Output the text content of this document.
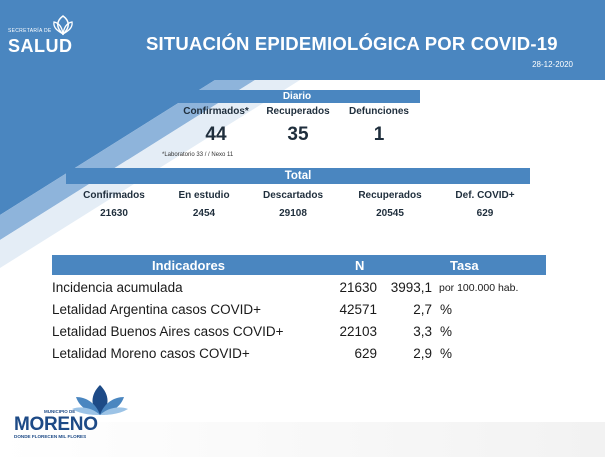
SECRETARÍA DE
SALUD	SITUACIÓN EPIDEMIOLÓGICA POR COVID-19
28-12-2020
Diario
Confirmados*	Recuperados	Defunciones
44	35	1
*Laboratorio 33 / / Nexo 11
Total
Confirmados	En estudio	Descartados	Recuperados	Def. COVID+
21630	2454	29108	20545	629
Indicadores	N	Tasa
Incidencia acumulada	21630	3993,1 por 100.000 hab.
Letalidad Argentina casos COVID+	42571	2,7 %
Letalidad Buenos Aires casos COVID+	22103	3,3 %
Letalidad Moreno casos COVID+	629	2,9 %
MUNICIPIO DE
MORENO
DONDE FLORECEN MIL FLORES
